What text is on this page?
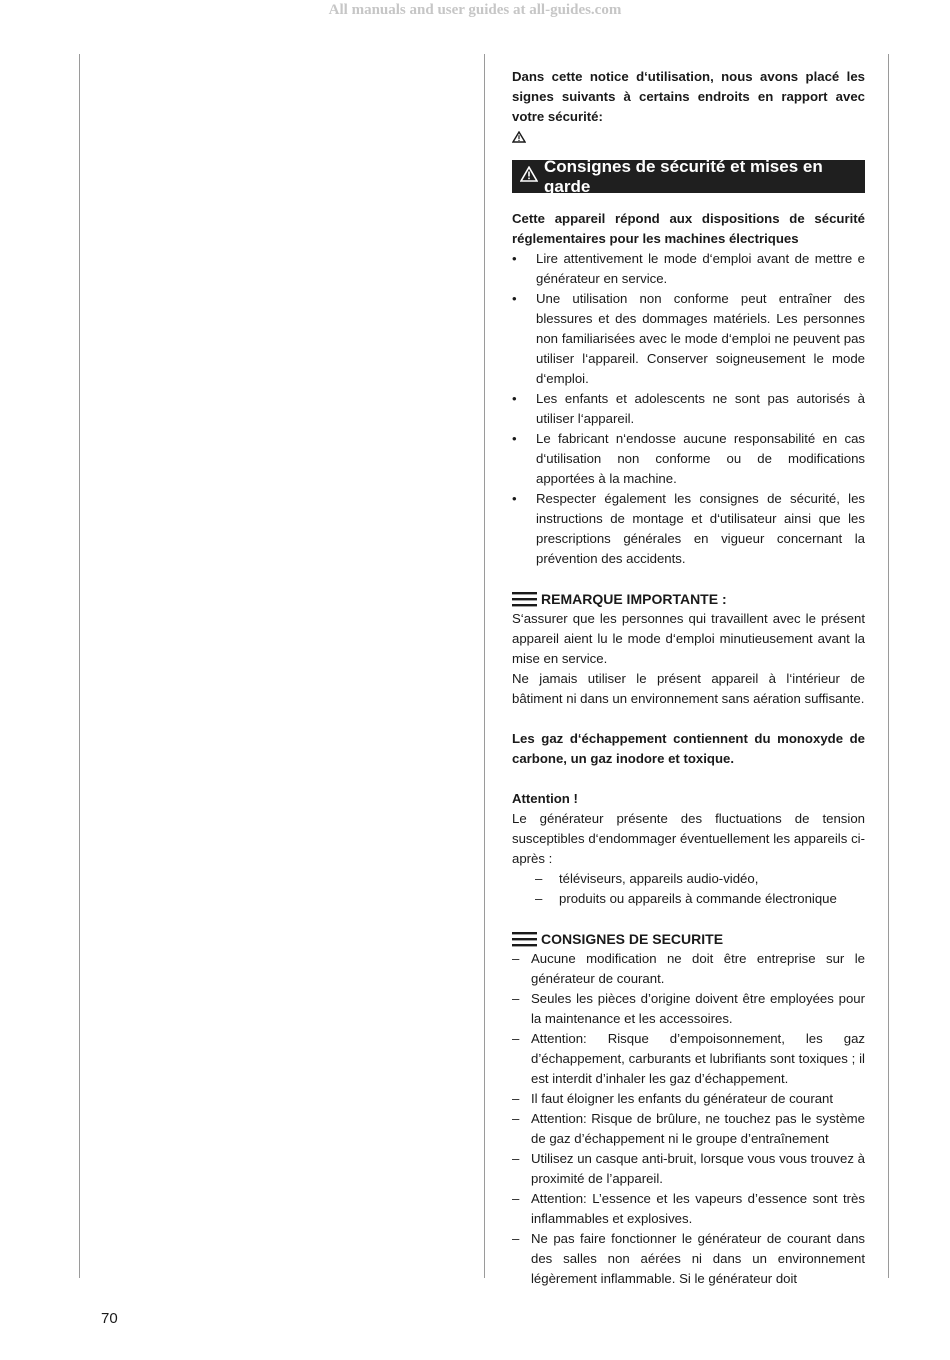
All manuals and user guides at all-guides.com

Dans cette notice d‘utilisation, nous avons placé les signes suivants à certains endroits en rapport avec votre sécurité:

Consignes de sécurité et mises en garde

Cette appareil répond aux dispositions de sécurité réglementaires pour les machines électriques

• Lire attentivement le mode d‘emploi avant de mettre e générateur en service.
• Une utilisation non conforme peut entraîner des blessures et des dommages matériels. Les personnes non familiarisées avec le mode d‘emploi ne peuvent pas utiliser l‘appareil. Conserver soigneusement le mode d‘emploi.
• Les enfants et adolescents ne sont pas autorisés à utiliser l‘appareil.
• Le fabricant n‘endosse aucune responsabilité en cas d‘utilisation non conforme ou de modifications apportées à la machine.
• Respecter également les consignes de sécurité, les instructions de montage et d‘utilisateur ainsi que les prescriptions générales en vigueur concernant la prévention des accidents.
REMARQUE IMPORTANTE :

S‘assurer que les personnes qui travaillent avec le présent appareil aient lu le mode d‘emploi minutieusement avant la mise en service.

Ne jamais utiliser le présent appareil à l‘intérieur de bâtiment ni dans un environnement sans aération suffisante.

Les gaz d‘échappement contiennent du monoxyde de carbone, un gaz inodore et toxique.

Attention !

Le générateur présente des fluctuations de tension susceptibles d‘endommager éventuellement les appareils ci-après :

– téléviseurs, appareils audio-vidéo,
– produits ou appareils à commande électronique
CONSIGNES DE SECURITE
– Aucune modification ne doit être entreprise sur le générateur de courant.
– Seules les pièces d’origine doivent être employées pour la maintenance et les accessoires.
– Attention: Risque d’empoisonnement, les gaz d’échappement, carburants et lubrifiants sont toxiques ; il est interdit d’inhaler les gaz d’échappement.
– Il faut éloigner les enfants du générateur de courant
– Attention: Risque de brûlure, ne touchez pas le système de gaz d’échappement ni le groupe d’entraînement
– Utilisez un casque anti-bruit, lorsque vous vous trouvez à proximité de l’appareil.
– Attention: L’essence et les vapeurs d’essence sont très inflammables et explosives.
– Ne pas faire fonctionner le générateur de courant dans des salles non aérées ni dans un environnement légèrement inflammable. Si le générateur doit
70
